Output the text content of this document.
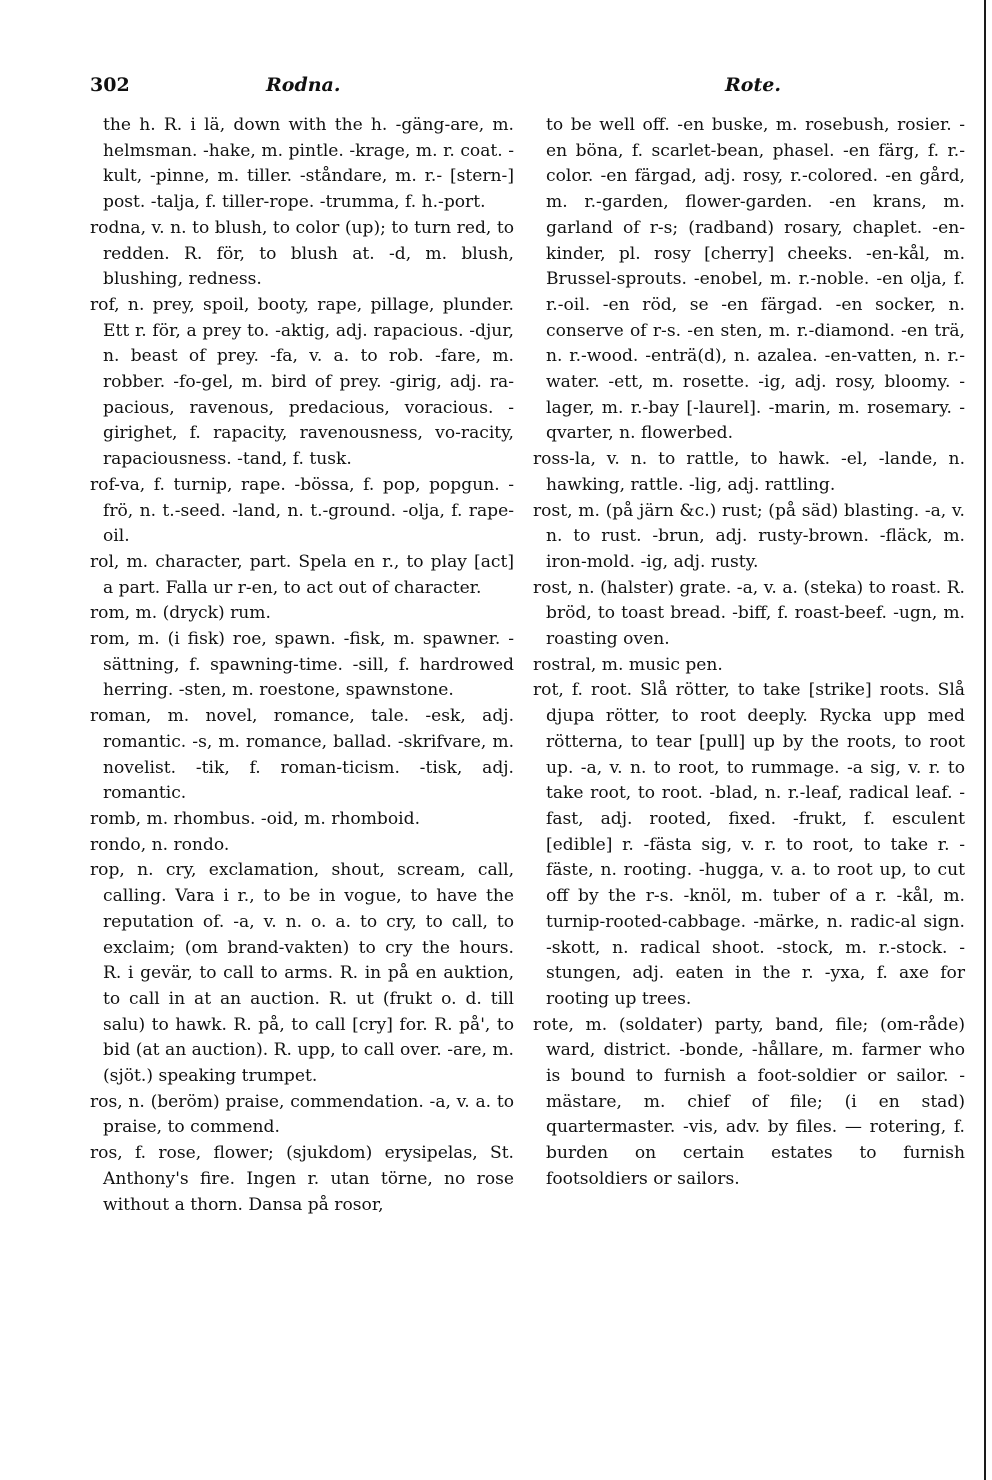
302	Rodna.	Rote.

the h. R. i lä, down with the h. -gäng-are, m. helmsman. -hake, m. pintle. -krage, m. r. coat. -kult, -pinne, m. tiller. -ståndare, m. r.- [stern-] post. -talja, f. tiller-rope. -trumma, f. h.-port.

rodna, v. n. to blush, to color (up); to turn red, to redden. R. för, to blush at. -d, m. blush, blushing, redness.

rof, n. prey, spoil, booty, rape, pillage, plunder. Ett r. för, a prey to. -aktig, adj. rapacious. -djur, n. beast of prey. -fa, v. a. to rob. -fare, m. robber. -fo-gel, m. bird of prey. -girig, adj. ra-pacious, ravenous, predacious, voracious. -girighet, f. rapacity, ravenousness, vo-racity, rapaciousness. -tand, f. tusk.

rof-va, f. turnip, rape. -bössa, f. pop, popgun. -frö, n. t.-seed. -land, n. t.-ground. -olja, f. rape-oil.

rol, m. character, part. Spela en r., to play [act] a part. Falla ur r-en, to act out of character.

rom, m. (dryck) rum.

rom, m. (i fisk) roe, spawn. -fisk, m. spawner. -sättning, f. spawning-time. -sill, f. hardrowed herring. -sten, m. roestone, spawnstone.

roman, m. novel, romance, tale. -esk, adj. romantic. -s, m. romance, ballad. -skrifvare, m. novelist. -tik, f. roman-ticism. -tisk, adj. romantic.

romb, m. rhombus. -oid, m. rhomboid.

rondo, n. rondo.

rop, n. cry, exclamation, shout, scream, call, calling. Vara i r., to be in vogue, to have the reputation of. -a, v. n. o. a. to cry, to call, to exclaim; (om brand-vakten) to cry the hours. R. i gevär, to call to arms. R. in på en auktion, to call in at an auction. R. ut (frukt o. d. till salu) to hawk. R. på, to call [cry] for. R. på', to bid (at an auction). R. upp, to call over. -are, m. (sjöt.) speaking trumpet.

ros, n. (beröm) praise, commendation. -a, v. a. to praise, to commend.

ros, f. rose, flower; (sjukdom) erysipelas, St. Anthony's fire. Ingen r. utan törne, no rose without a thorn. Dansa på rosor,

to be well off. -en buske, m. rosebush, rosier. -en böna, f. scarlet-bean, phasel. -en färg, f. r.-color. -en färgad, adj. rosy, r.-colored. -en gård, m. r.-garden, flower-garden. -en krans, m. garland of r-s; (radband) rosary, chaplet. -en-kinder, pl. rosy [cherry] cheeks. -en-kål, m. Brussel-sprouts. -enobel, m. r.-noble. -en olja, f. r.-oil. -en röd, se -en färgad. -en socker, n. conserve of r-s. -en sten, m. r.-diamond. -en trä, n. r.-wood. -enträ(d), n. azalea. -en-vatten, n. r.-water. -ett, m. rosette. -ig, adj. rosy, bloomy. -lager, m. r.-bay [-laurel]. -marin, m. rosemary. -qvarter, n. flowerbed.

ross-la, v. n. to rattle, to hawk. -el, -lande, n. hawking, rattle. -lig, adj. rattling.

rost, m. (på järn &c.) rust; (på säd) blasting. -a, v. n. to rust. -brun, adj. rusty-brown. -fläck, m. iron-mold. -ig, adj. rusty.

rost, n. (halster) grate. -a, v. a. (steka) to roast. R. bröd, to toast bread. -biff, f. roast-beef. -ugn, m. roasting oven.

rostral, m. music pen.

rot, f. root. Slå rötter, to take [strike] roots. Slå djupa rötter, to root deeply. Rycka upp med rötterna, to tear [pull] up by the roots, to root up. -a, v. n. to root, to rummage. -a sig, v. r. to take root, to root. -blad, n. r.-leaf, radical leaf. -fast, adj. rooted, fixed. -frukt, f. esculent [edible] r. -fästa sig, v. r. to root, to take r. -fäste, n. rooting. -hugga, v. a. to root up, to cut off by the r-s. -knöl, m. tuber of a r. -kål, m. turnip-rooted-cabbage. -märke, n. radic-al sign. -skott, n. radical shoot. -stock, m. r.-stock. -stungen, adj. eaten in the r. -yxa, f. axe for rooting up trees.

rote, m. (soldater) party, band, file; (om-råde) ward, district. -bonde, -hållare, m. farmer who is bound to furnish a foot-soldier or sailor. -mästare, m. chief of file; (i en stad) quartermaster. -vis, adv. by files. — rotering, f. burden on certain estates to furnish footsoldiers or sailors.
